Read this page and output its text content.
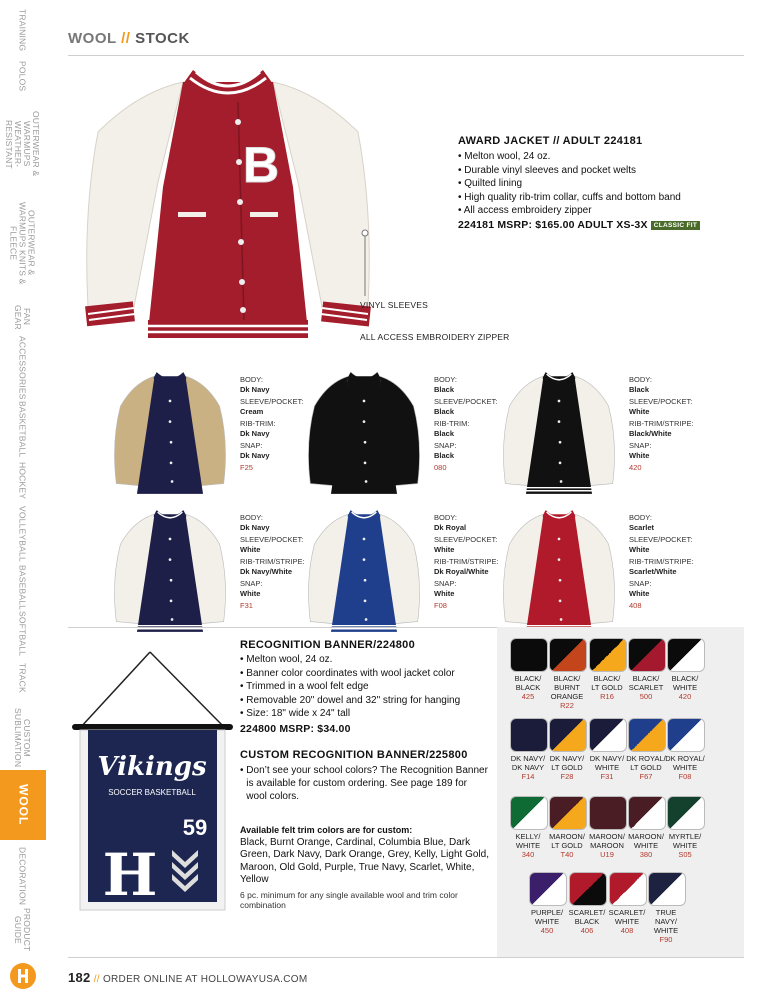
TRAINING
POLOS
OUTERWEAR & WARMUPS WEATHER-RESISTANT
OUTERWEAR & WARMUPS KNITS & FLEECE
FAN GEAR
ACCESSORIES
BASKETBALL
HOCKEY
VOLLEYBALL
BASEBALL
SOFTBALL
TRACK
CUSTOM SUBLIMATION
WOOL
DECORATION
PRODUCT GUIDE
WOOL // STOCK
B
VINYL SLEEVES
ALL ACCESS EMBROIDERY ZIPPER
AWARD JACKET // ADULT 224181
• Melton wool, 24 oz.
• Durable vinyl sleeves and pocket welts
• Quilted lining
• High quality rib-trim collar, cuffs and bottom band
• All access embroidery zipper
224181 MSRP: $165.00 ADULT XS-3X CLASSIC FIT
BODY:
Dk Navy
SLEEVE/POCKET:
Cream
RIB-TRIM:
Dk Navy
SNAP:
Dk Navy
F25
BODY:
Black
SLEEVE/POCKET:
Black
RIB-TRIM:
Black
SNAP:
Black
080
BODY:
Black
SLEEVE/POCKET:
White
RIB-TRIM/STRIPE:
Black/White
SNAP:
White
420
BODY:
Dk Navy
SLEEVE/POCKET:
White
RIB-TRIM/STRIPE:
Dk Navy/White
SNAP:
White
F31
BODY:
Dk Royal
SLEEVE/POCKET:
White
RIB-TRIM/STRIPE:
Dk Royal/White
SNAP:
White
F08
BODY:
Scarlet
SLEEVE/POCKET:
White
RIB-TRIM/STRIPE:
Scarlet/White
SNAP:
White
408
Vikings
SOCCER BASKETBALL
59
H
RECOGNITION BANNER/224800
• Melton wool, 24 oz.
• Banner color coordinates with wool jacket color
• Trimmed in a wool felt edge
• Removable 20" dowel and 32" string for hanging
• Size: 18" wide x 24" tall
224800 MSRP: $34.00
CUSTOM RECOGNITION BANNER/225800
• Don’t see your school colors? The Recognition Banner is available for custom ordering. See page 189 for wool colors.
Available felt trim colors are for custom:
Black, Burnt Orange, Cardinal, Columbia Blue, Dark Green, Dark Navy, Dark Orange, Grey, Kelly, Light Gold, Maroon, Old Gold, Purple, True Navy, Scarlet, White, Yellow
6 pc. minimum for any single available wool and trim color combination
BLACK/
BLACK
425
BLACK/
BURNT ORANGE
R22
BLACK/
LT GOLD
R16
BLACK/
SCARLET
500
BLACK/
WHITE
420
DK NAVY/
DK NAVY
F14
DK NAVY/
LT GOLD
F28
DK NAVY/
WHITE
F31
DK ROYAL/
LT GOLD
F67
DK ROYAL/
WHITE
F08
KELLY/
WHITE
340
MAROON/
LT GOLD
T40
MAROON/
MAROON
U19
MAROON/
WHITE
380
MYRTLE/
WHITE
S05
PURPLE/
WHITE
450
SCARLET/
BLACK
406
SCARLET/
WHITE
408
TRUE NAVY/
WHITE
F90
182 // ORDER ONLINE AT HOLLOWAYUSA.COM
